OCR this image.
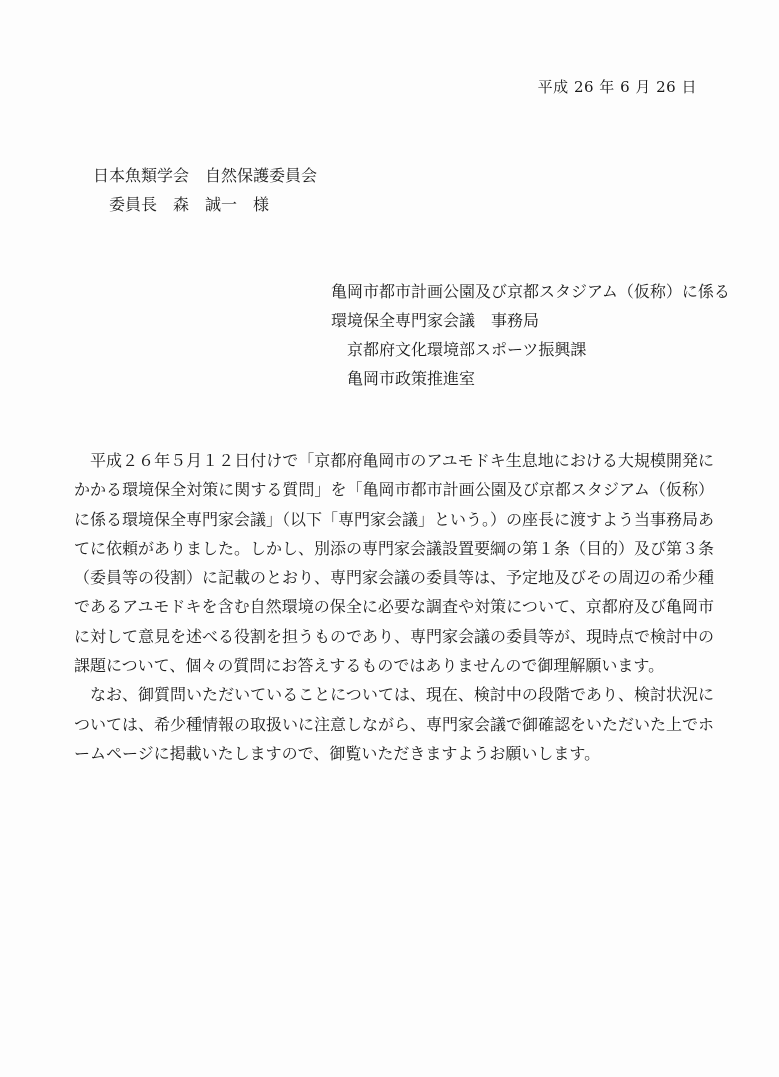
平成 26 年 6 月 26 日
日本魚類学会　自然保護委員会
委員長　森　誠一　様
亀岡市都市計画公園及び京都スタジアム（仮称）に係る
環境保全専門家会議　事務局
京都府文化環境部スポーツ振興課
亀岡市政策推進室

平成２６年５月１２日付けで「京都府亀岡市のアユモドキ生息地における大規模開発にかかる環境保全対策に関する質問」を「亀岡市都市計画公園及び京都スタジアム（仮称）に係る環境保全専門家会議」（以下「専門家会議」という。）の座長に渡すよう当事務局あてに依頼がありました。しかし、別添の専門家会議設置要綱の第１条（目的）及び第３条（委員等の役割）に記載のとおり、専門家会議の委員等は、予定地及びその周辺の希少種であるアユモドキを含む自然環境の保全に必要な調査や対策について、京都府及び亀岡市に対して意見を述べる役割を担うものであり、専門家会議の委員等が、現時点で検討中の課題について、個々の質問にお答えするものではありませんので御理解願います。

なお、御質問いただいていることについては、現在、検討中の段階であり、検討状況については、希少種情報の取扱いに注意しながら、専門家会議で御確認をいただいた上でホームページに掲載いたしますので、御覧いただきますようお願いします。
